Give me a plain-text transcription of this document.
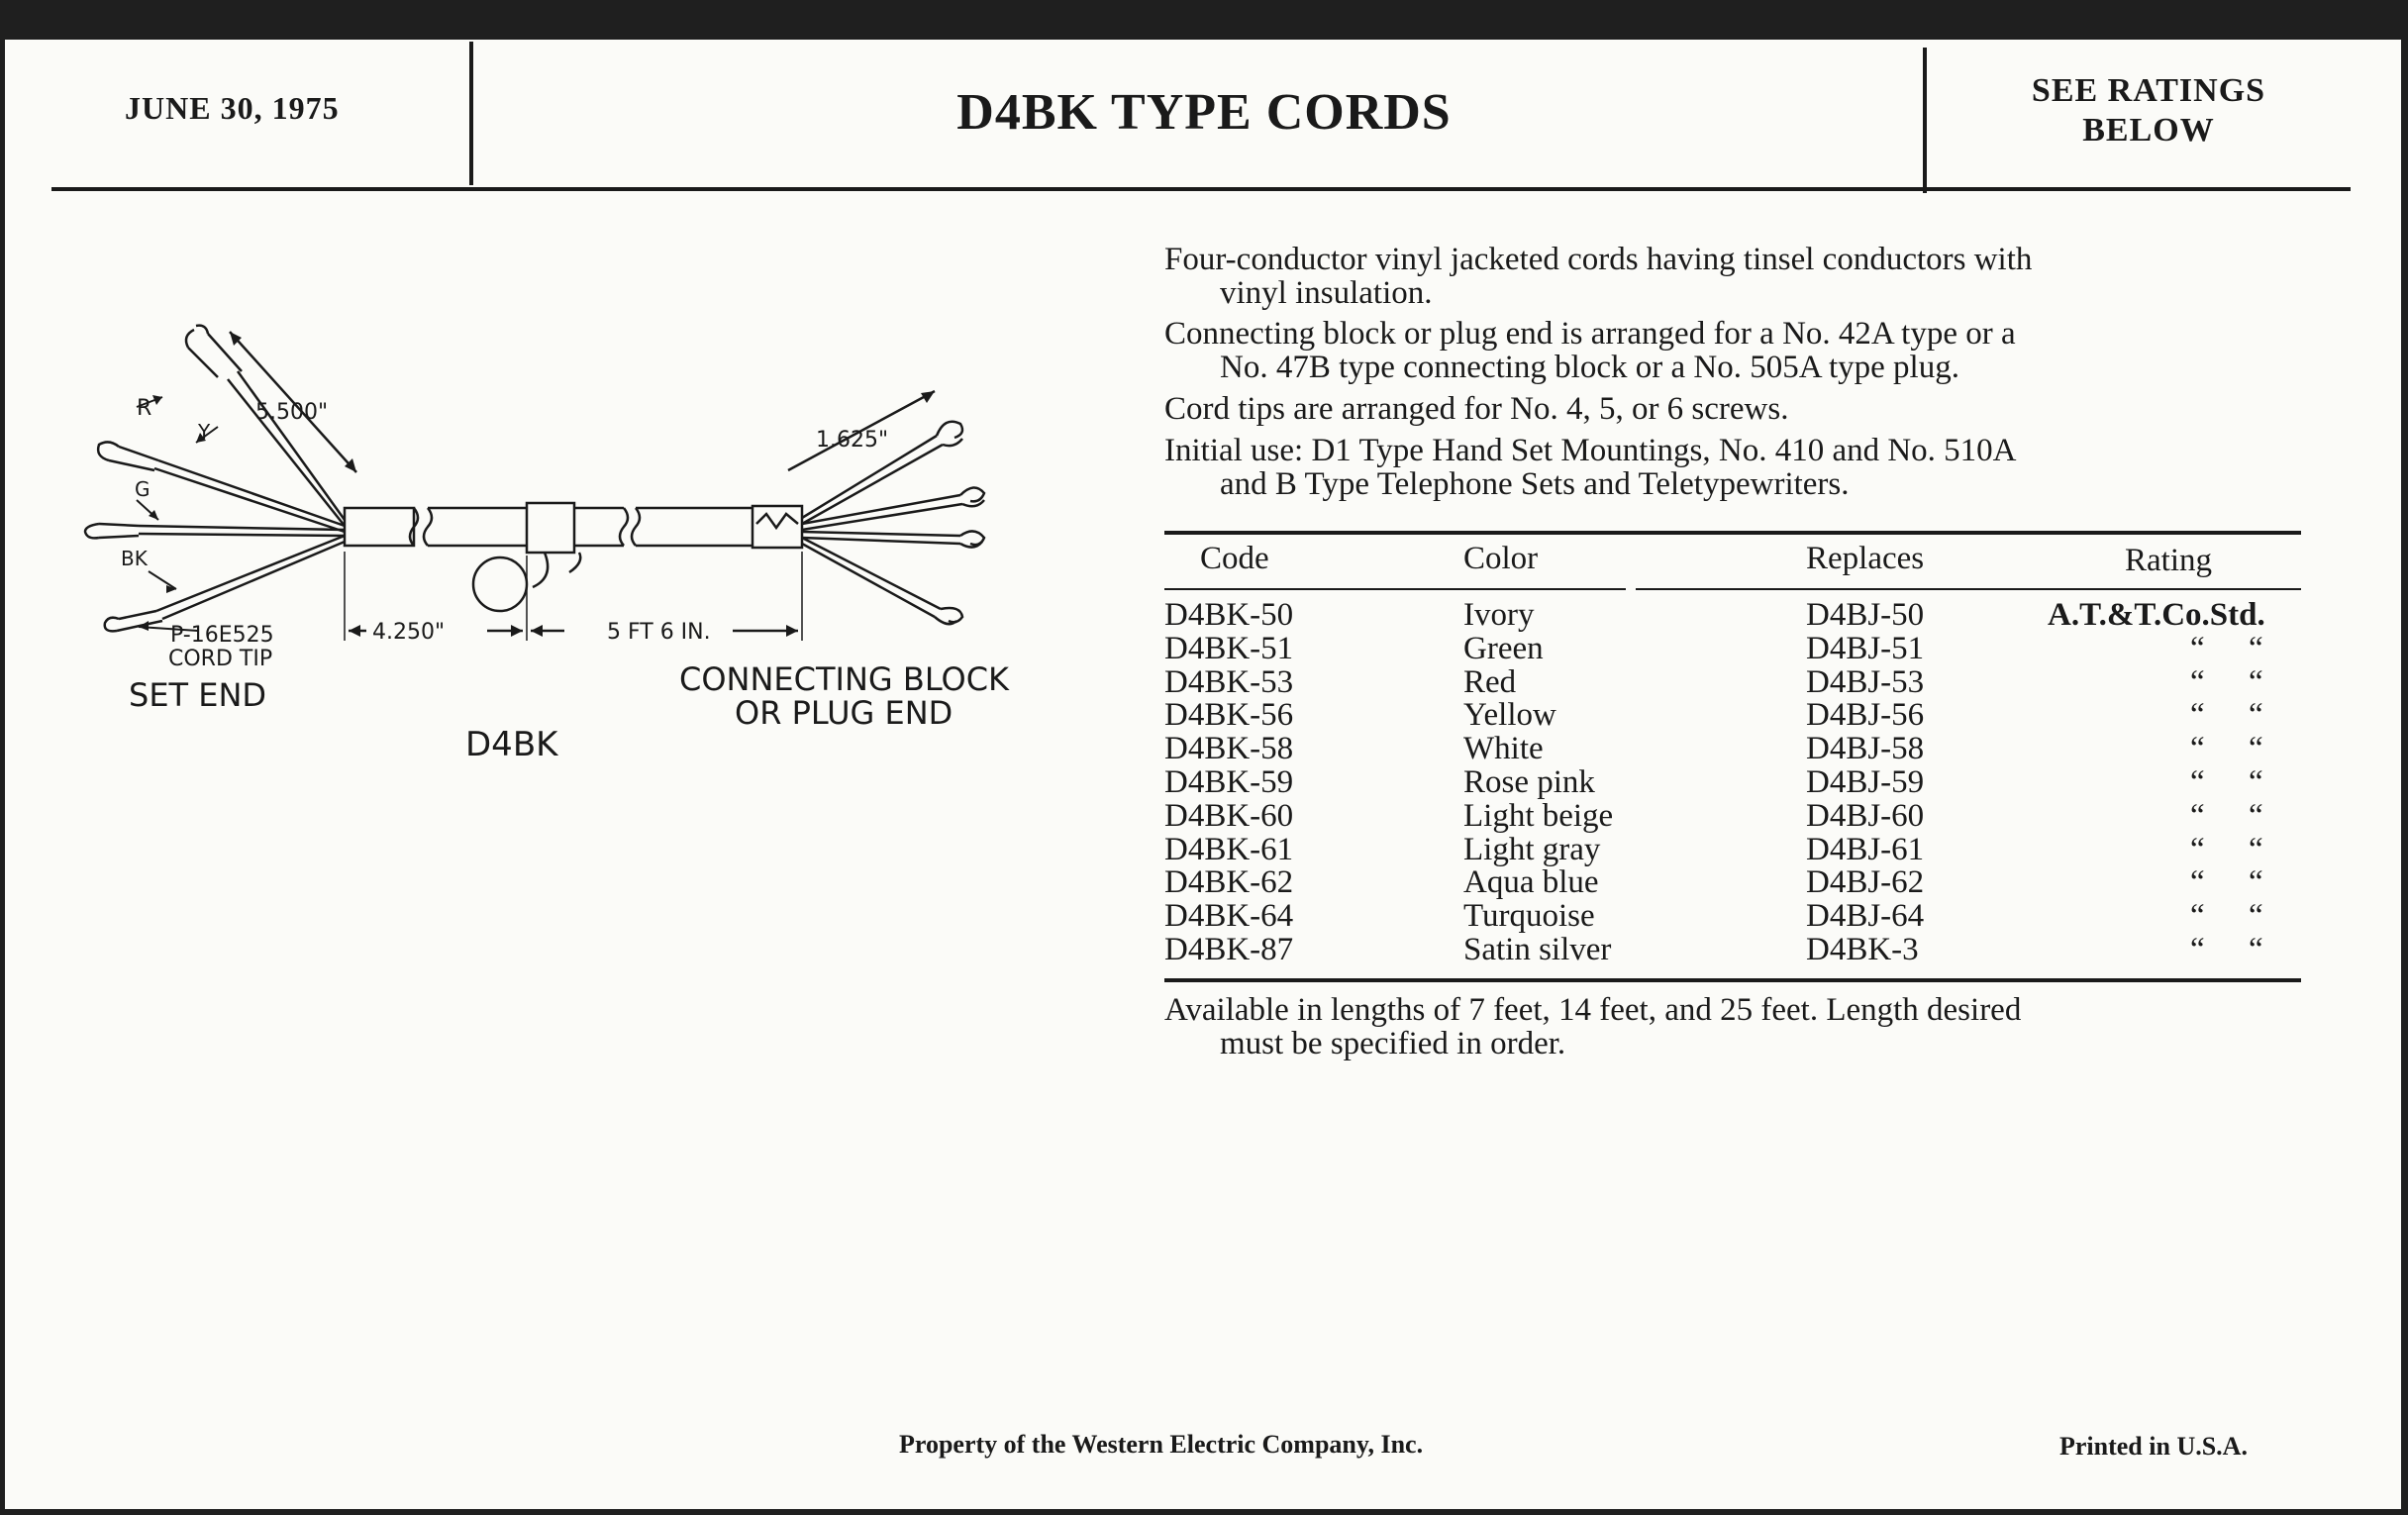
JUNE 30, 1975	D4BK TYPE CORDS	SEE RATINGS
BELOW
Four-conductor vinyl jacketed cords having tinsel conductors with
vinyl insulation.
Connecting block or plug end is arranged for a No. 42A type or a
No. 47B type connecting block or a No. 505A type plug.
Cord tips are arranged for No. 4, 5, or 6 screws.
Initial use: D1 Type Hand Set Mountings, No. 410 and No. 510A
and B Type Telephone Sets and Teletypewriters.
Code	Color	Replaces	Rating
D4BK-50	Ivory	D4BJ-50	A.T.&T.Co.Std.
D4BK-51	Green	D4BJ-51	“ “
D4BK-53	Red	D4BJ-53	“ “
D4BK-56	Yellow	D4BJ-56	“ “
D4BK-58	White	D4BJ-58	“ “
D4BK-59	Rose pink	D4BJ-59	“ “
D4BK-60	Light beige	D4BJ-60	“ “
D4BK-61	Light gray	D4BJ-61	“ “
D4BK-62	Aqua blue	D4BJ-62	“ “
D4BK-64	Turquoise	D4BJ-64	“ “
D4BK-87	Satin silver	D4BK-3	“ “
Available in lengths of 7 feet, 14 feet, and 25 feet. Length desired
must be specified in order.
5.500"
1.625"
4.250"	5 FT 6 IN.
R
Y
G
BK
P-16E525
CORD TIP
SET END	CONNECTING BLOCK
OR PLUG END
D4BK
Property of the Western Electric Company, Inc.	Printed in U.S.A.
